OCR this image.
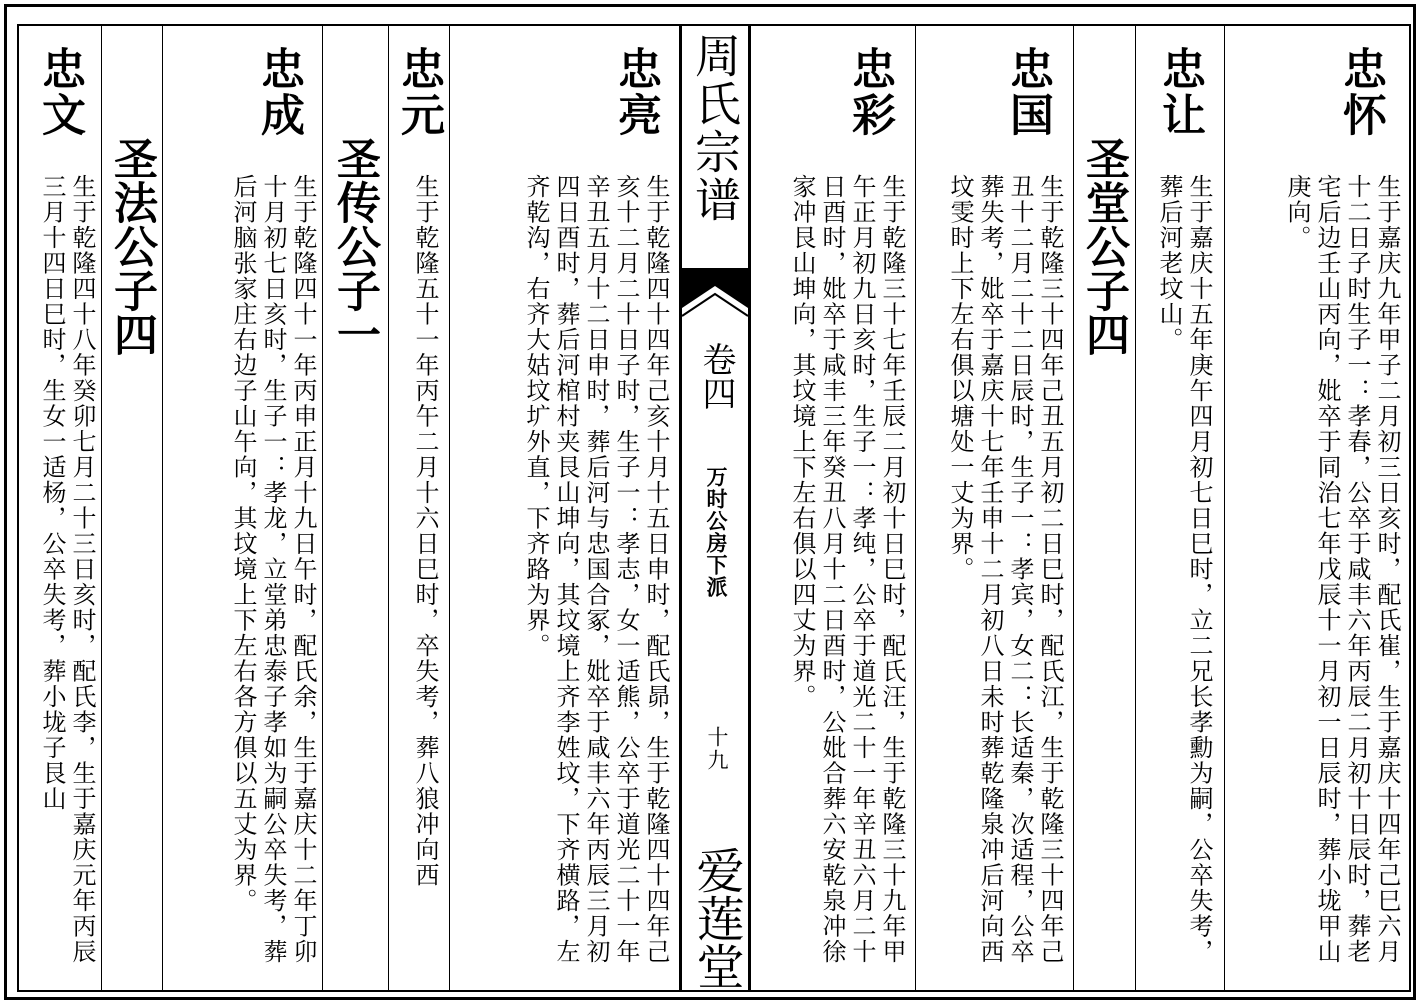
忠怀
生于嘉庆九年甲子二月初三日亥时，配氏崔，生于嘉庆十四年己巳六月十二日子时生子一：孝春，公卒于咸丰六年丙辰二月初十日辰时，葬老宅后边壬山丙向，妣卒于同治七年戊辰十一月初一日辰时，葬小垅甲山庚向。
忠让
生于嘉庆十五年庚午四月初七日巳时，立二兄长孝勳为嗣，公卒失考，葬后河老坟山。
圣堂公子四
忠国
生于乾隆三十四年己丑五月初二日巳时，配氏江，生于乾隆三十四年己丑十二月二十二日辰时，生子一：孝宾，女二：长适秦，次适程，公卒葬失考，妣卒于嘉庆十七年壬申十二月初八日未时葬乾隆泉冲后河向西坟雯时上下左右俱以塘处一丈为界。
忠彩
生于乾隆三十七年壬辰二月初十日巳时，配氏汪，生于乾隆三十九年甲午正月初九日亥时，生子一：孝纯，公卒于道光二十一年辛丑六月二十日酉时，妣卒于咸丰三年癸丑八月十二日酉时，公妣合葬六安乾泉冲徐家冲艮山坤向，其坟境上下左右俱以四丈为界。
周氏宗谱
卷四
万时公房下派
十九
爱莲堂
忠亮
生于乾隆四十四年己亥十月十五日申时，配氏昴，生于乾隆四十四年己亥十二月二十日子时，生子一：孝志，女一适熊，公卒于道光二十一年辛丑五月十二日申时，葬后河与忠国合冢，妣卒于咸丰六年丙辰三月初四日酉时，葬后河棺村夹艮山坤向，其坟境上齐李姓坟，下齐横路，左齐乾沟，右齐大姑坟圹外直，下齐路为界。
忠元
生于乾隆五十一年丙午二月十六日巳时，卒失考，葬八狼冲向西
圣传公子一
忠成
生于乾隆四十一年丙申正月十九日午时，配氏余，生于嘉庆十二年丁卯十月初七日亥时，生子一：孝龙，立堂弟忠泰子孝如为嗣公卒失考，葬后河脑张家庄右边子山午向，其坟境上下左右各方俱以五丈为界。
圣法公子四
忠文
生于乾隆四十八年癸卯七月二十三日亥时，配氏李，生于嘉庆元年丙辰三月十四日巳时，生女一适杨，公卒失考，葬小垅子艮山
